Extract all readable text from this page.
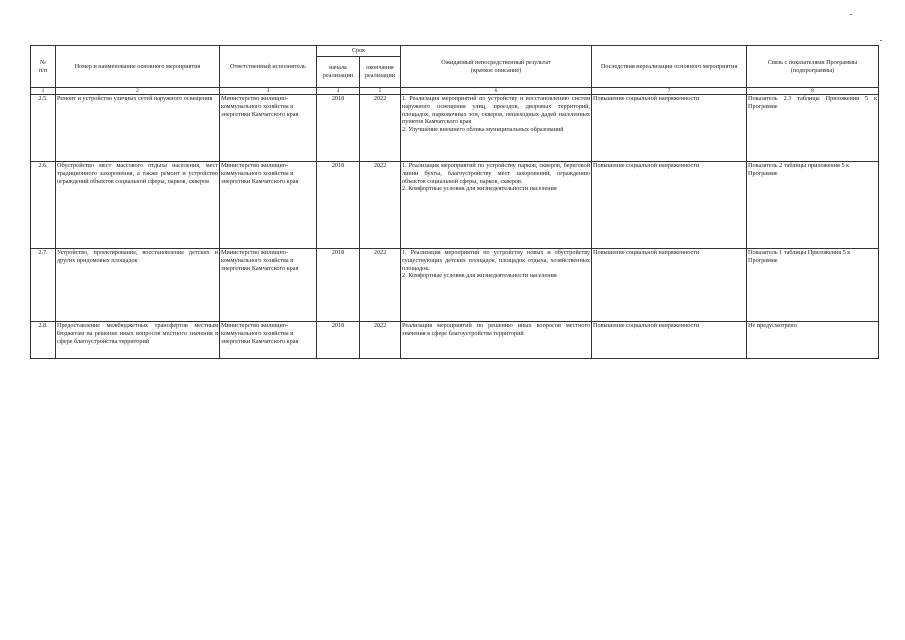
№
п/п	Номер и наименование основного мероприятия	Ответственный исполнитель	Срок		Ожидаемый непосредственный результат
(краткое описание)	Последствия нереализации основного мероприятия	Связь с показателями Программы (подпрограммы)
			начала реализации	окончания реализации			
1	2	3	4	5	6	7	8
2.5.	Ремонт и устройство уличных сетей наружного освещения	Министерство жилищно-коммунального хозяйства и энергетики Камчатского края	2018	2022	1. Реализация мероприятий по устройству и восстановлению систем наружного освещения улиц, проездов, дворовых территорий, площадок, парковочных зон, скверов, пешеходных дадей населенных пунктов Камчатского края
2. Улучшение внешнего облика муниципальных образований	Повышение социальной напряженности	Показатель 2.3 таблицы Приложения 5 к Программе
2.6.	Обустройство мест массового отдыха населения, мест традиционного захоронения, а также ремонт и устройство ограждений объектов социальной сферы, парков, скверов	Министерство жилищно-коммунального хозяйства и энергетики Камчатского края	2018	2022	1. Реализация мероприятий по устройству парков, скверов, береговой линии бухты, благоустройству мест захоронений, ограждению объектов социальной сферы, парков, скверов.
2. Комфортные условия для жизнедеятельности населения	Повышение социальной напряженности	Показатель 2 таблицы приложения 5 к Программе
2.7.	Устройство, проектирование, восстановление детских и других придомовых площадок	Министерство жилищно-коммунального хозяйства и энергетики Камчатского края	2018	2022	1. Реализация мероприятий по устройству новых и обустройству существующих детских площадок, площадок отдыха, хозяйственных площадок.
2. Комфортные условия для жизнедеятельности населения	Повышение социальной напряженности	Показатель 1 таблицы Приложения 5 к Программе
2.8.	Предоставление межбюджетных трансфертов местным бюджетам на решение иных вопросов местного значения в сфере благоустройства территорий	Министерство жилищно-коммунального хозяйства и энергетики Камчатского края	2018	2022	Реализация мероприятий по решению иных вопросов местного значения в сфере благоустройства территорий	Повышение социальной напряженности	Не предусмотрено
